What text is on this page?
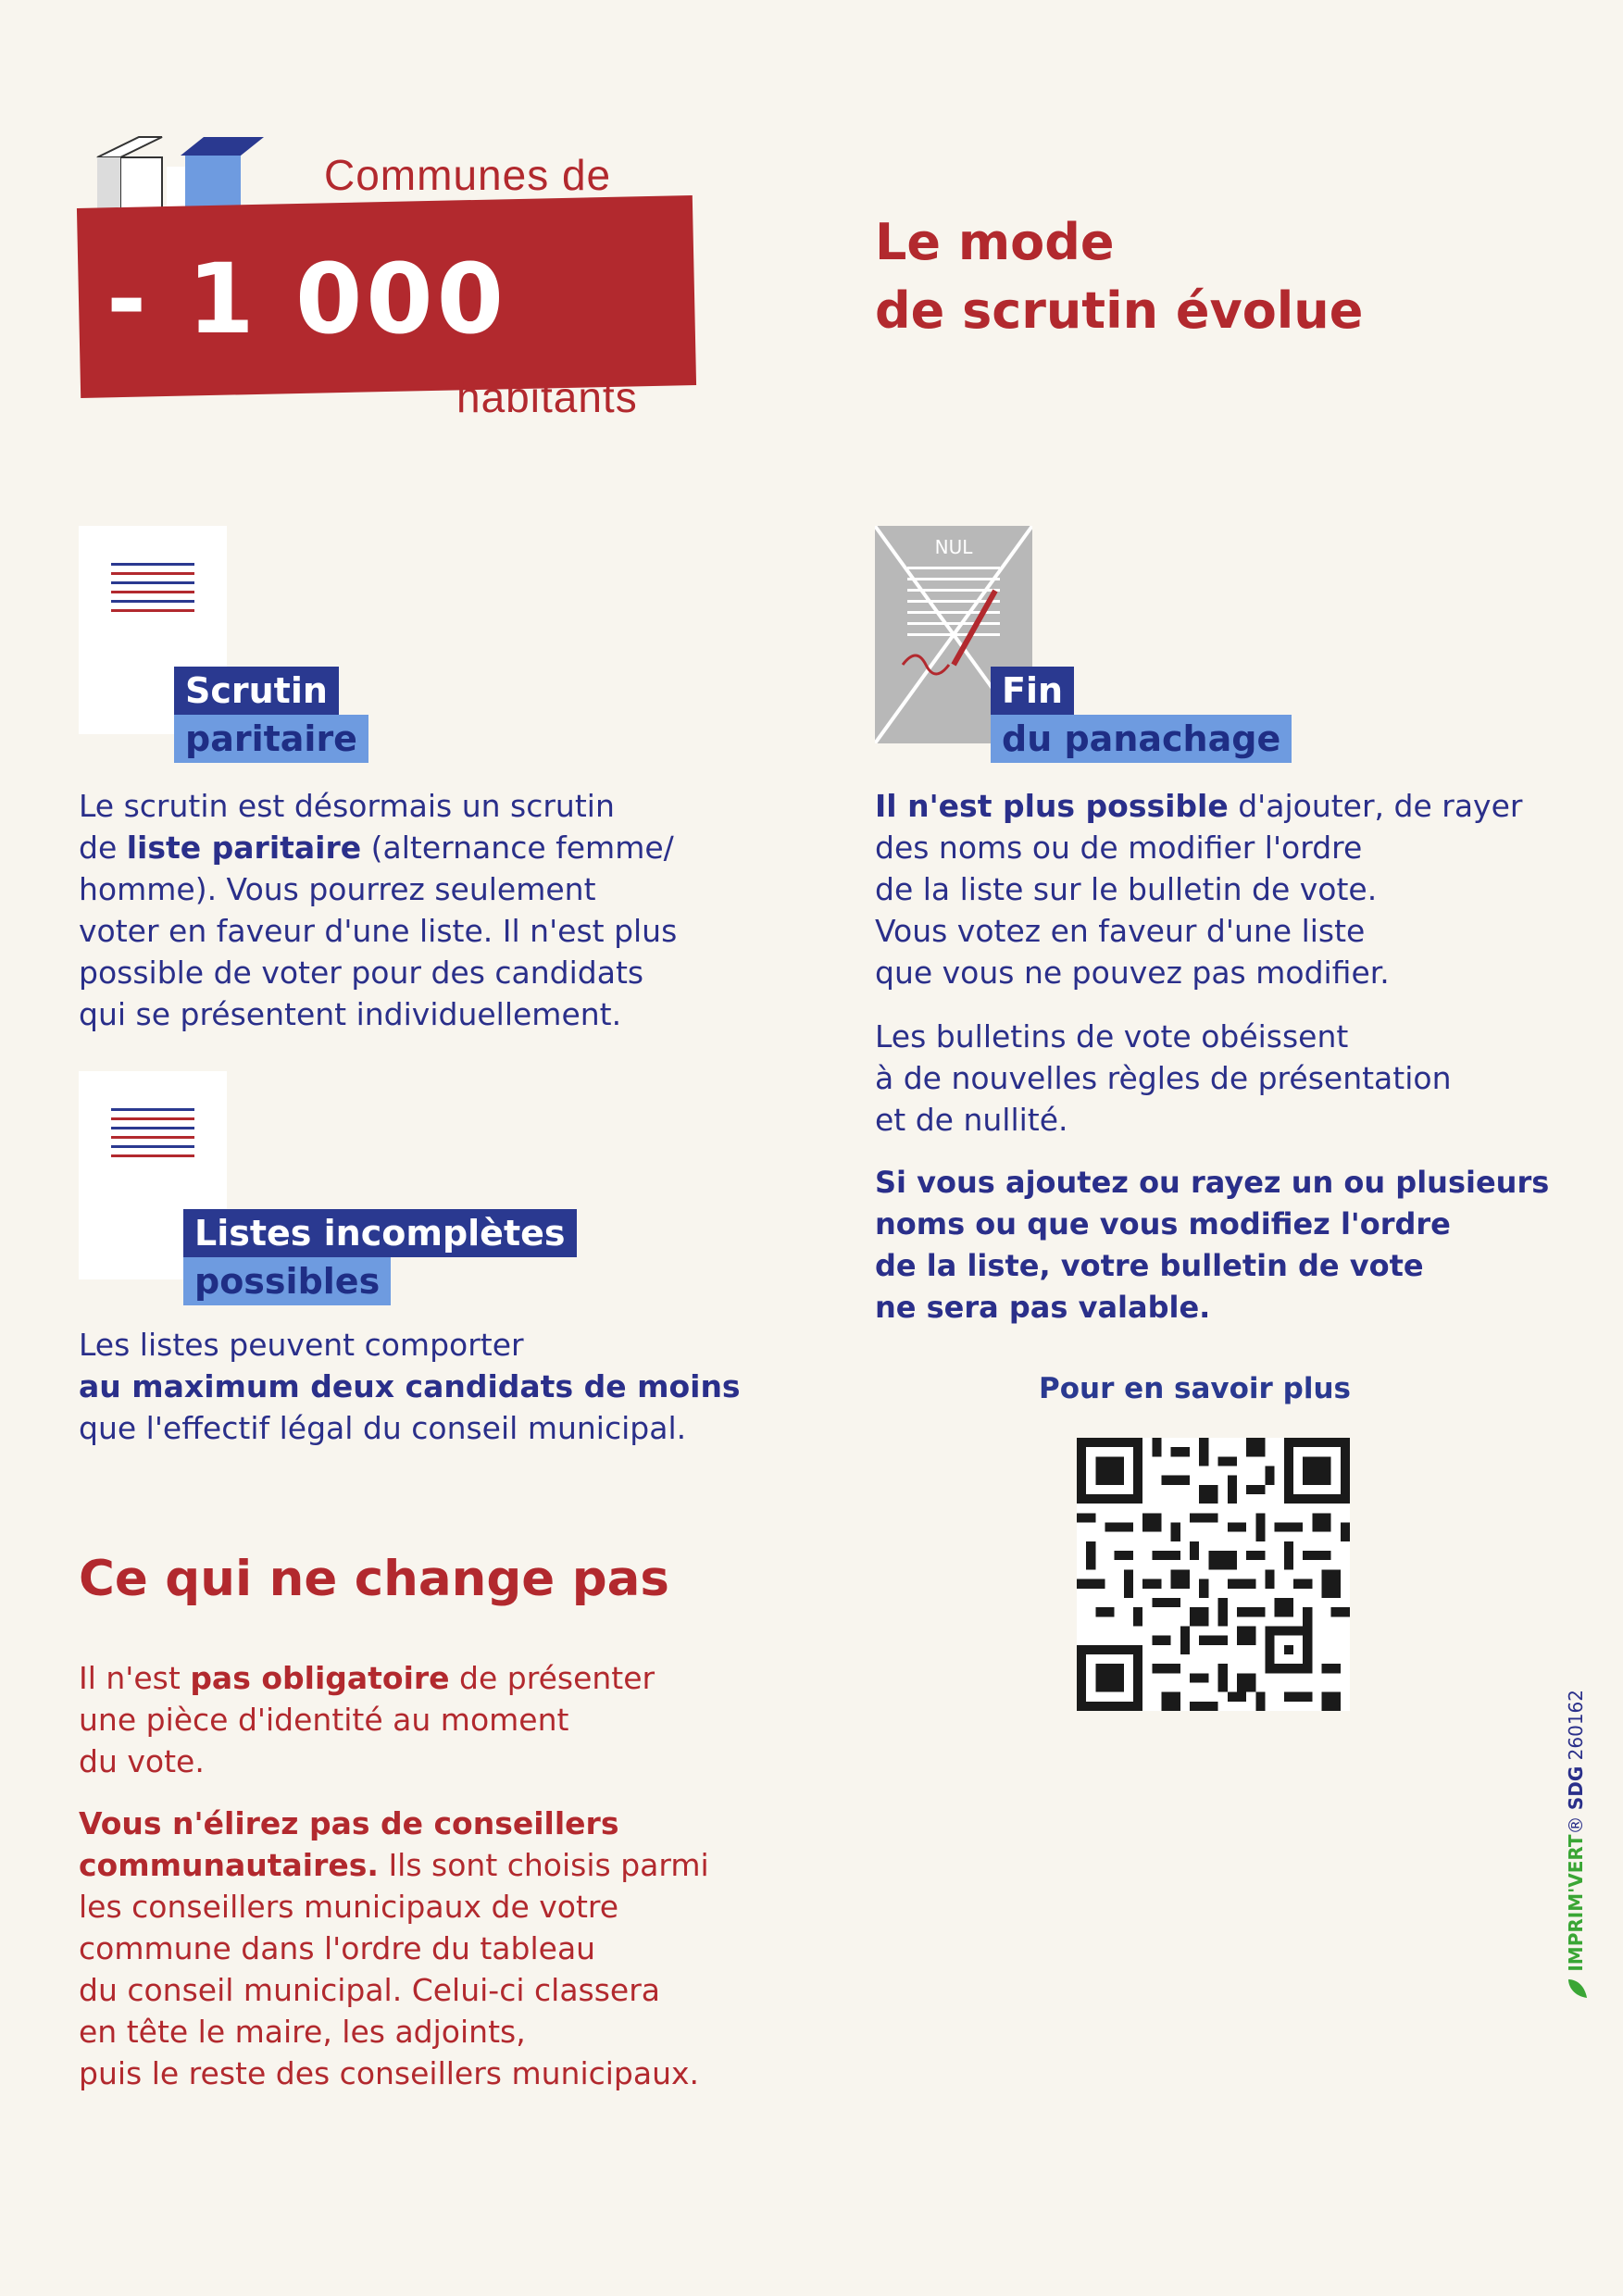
Communes de
- 1 000
habitants
Le mode
de scrutin évolue
Scrutin
paritaire
Le scrutin est désormais un scrutin
de liste paritaire (alternance femme/
homme). Vous pourrez seulement
voter en faveur d'une liste. Il n'est plus
possible de voter pour des candidats
qui se présentent individuellement.
Listes incomplètes
possibles
Les listes peuvent comporter
au maximum deux candidats de moins
que l'effectif légal du conseil municipal.
NUL
Fin
du panachage
Il n'est plus possible d'ajouter, de rayer
des noms ou de modifier l'ordre
de la liste sur le bulletin de vote.
Vous votez en faveur d'une liste
que vous ne pouvez pas modifier.
Les bulletins de vote obéissent
à de nouvelles règles de présentation
et de nullité.
Si vous ajoutez ou rayez un ou plusieurs
noms ou que vous modifiez l'ordre
de la liste, votre bulletin de vote
ne sera pas valable.
Pour en savoir plus
Ce qui ne change pas
Il n'est pas obligatoire de présenter
une pièce d'identité au moment
du vote.
Vous n'élirez pas de conseillers
communautaires. Ils sont choisis parmi
les conseillers municipaux de votre
commune dans l'ordre du tableau
du conseil municipal. Celui-ci classera
en tête le maire, les adjoints,
puis le reste des conseillers municipaux.
IMPRIM'VERT® SDG 260162
